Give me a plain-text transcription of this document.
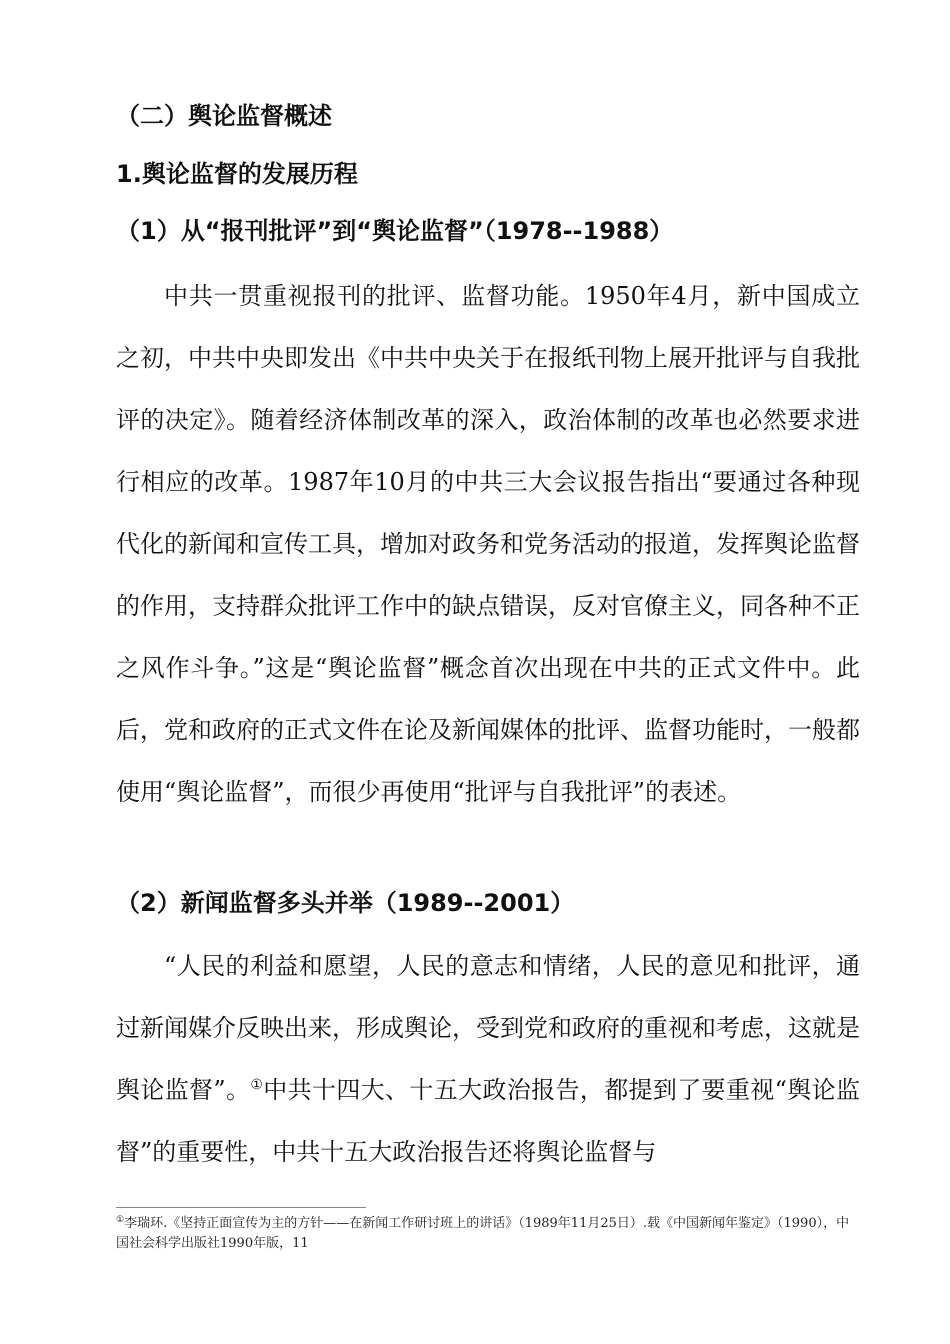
（二）舆论监督概述
1.舆论监督的发展历程
（1）从“报刊批评”到“舆论监督”（1978--1988）

中共一贯重视报刊的批评、监督功能。1950年4月，新中国成立之初，中共中央即发出《中共中央关于在报纸刊物上展开批评与自我批评的决定》。随着经济体制改革的深入，政治体制的改革也必然要求进行相应的改革。1987年10月的中共三大会议报告指出“要通过各种现代化的新闻和宣传工具，增加对政务和党务活动的报道，发挥舆论监督的作用，支持群众批评工作中的缺点错误，反对官僚主义，同各种不正之风作斗争。”这是“舆论监督”概念首次出现在中共的正式文件中。此后，党和政府的正式文件在论及新闻媒体的批评、监督功能时，一般都使用“舆论监督”，而很少再使用“批评与自我批评”的表述。

（2）新闻监督多头并举（1989--2001）

“人民的利益和愿望，人民的意志和情绪，人民的意见和批评，通过新闻媒介反映出来，形成舆论，受到党和政府的重视和考虑，这就是舆论监督”。①中共十四大、十五大政治报告，都提到了要重视“舆论监督”的重要性，中共十五大政治报告还将舆论监督与

①李瑞环.《坚持正面宣传为主的方针——在新闻工作研讨班上的讲话》（1989年11月25日）.载《中国新闻年鉴定》（1990），中国社会科学出版社1990年版，11
